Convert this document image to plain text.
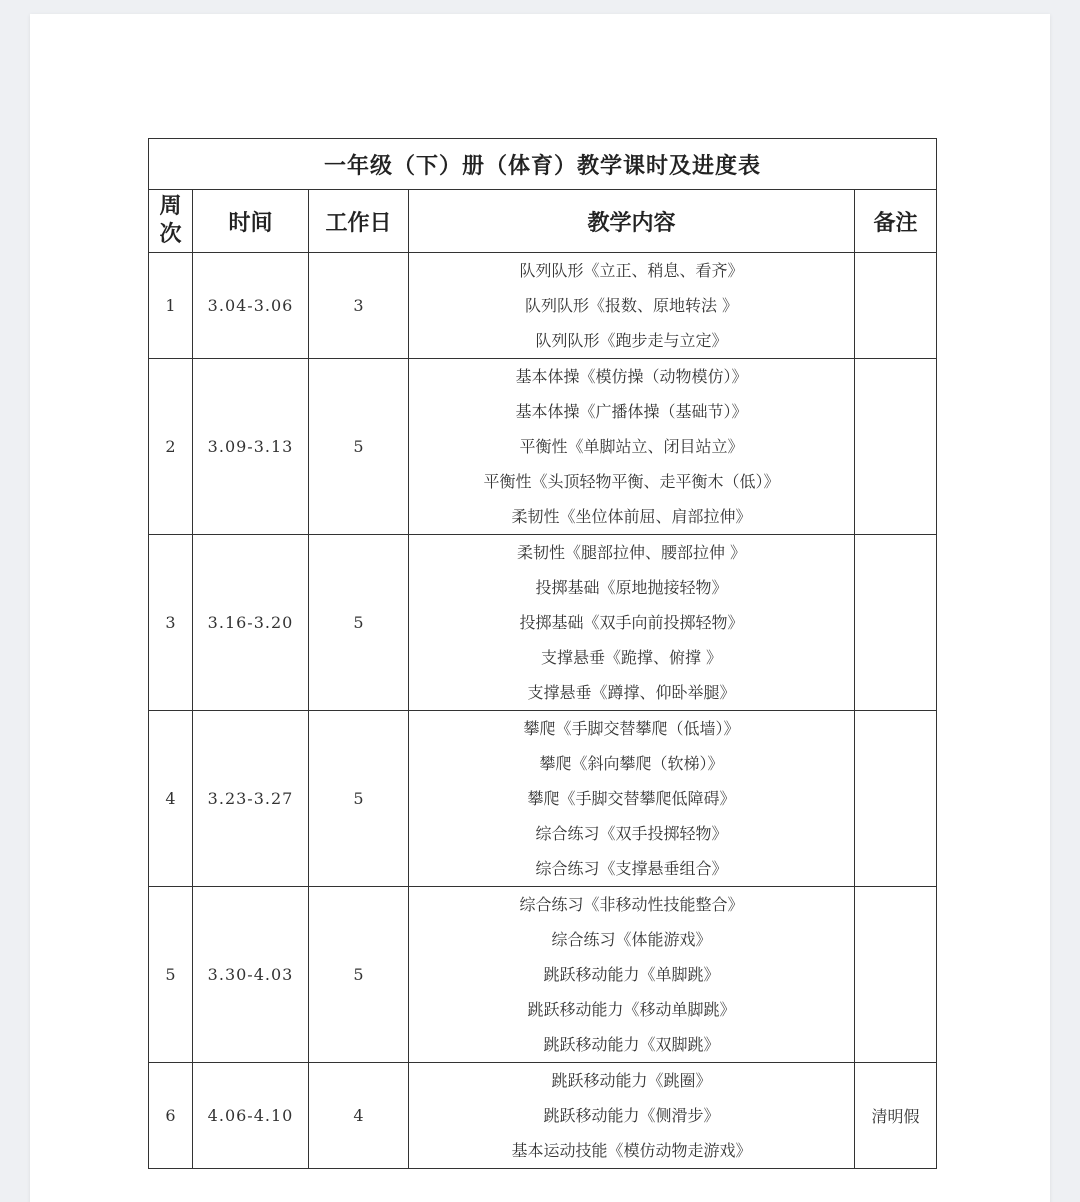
一年级（下）册（体育）教学课时及进度表				

周
次	时间	工作日	教学内容	备注
1	3.04-3.06	3	队列队形《立正、稍息、看齐》
队列队形《报数、原地转法 》
队列队形《跑步走与立定》	

2	3.09-3.13	5	基本体操《模仿操（动物模仿）》
基本体操《广播体操（基础节）》
平衡性《单脚站立、闭目站立》
平衡性《头顶轻物平衡、走平衡木（低）》
柔韧性《坐位体前屈、肩部拉伸》	

3	3.16-3.20	5	柔韧性《腿部拉伸、腰部拉伸 》
投掷基础《原地抛接轻物》
投掷基础《双手向前投掷轻物》
支撑悬垂《跪撑、俯撑 》
支撑悬垂《蹲撑、仰卧举腿》	

4	3.23-3.27	5	攀爬《手脚交替攀爬（低墙）》
攀爬《斜向攀爬（软梯）》
攀爬《手脚交替攀爬低障碍》
综合练习《双手投掷轻物》
综合练习《支撑悬垂组合》	

5	3.30-4.03	5	综合练习《非移动性技能整合》
综合练习《体能游戏》
跳跃移动能力《单脚跳》
跳跃移动能力《移动单脚跳》
跳跃移动能力《双脚跳》	

6	4.06-4.10	4	跳跃移动能力《跳圈》
跳跃移动能力《侧滑步》
基本运动技能《模仿动物走游戏》	清明假
